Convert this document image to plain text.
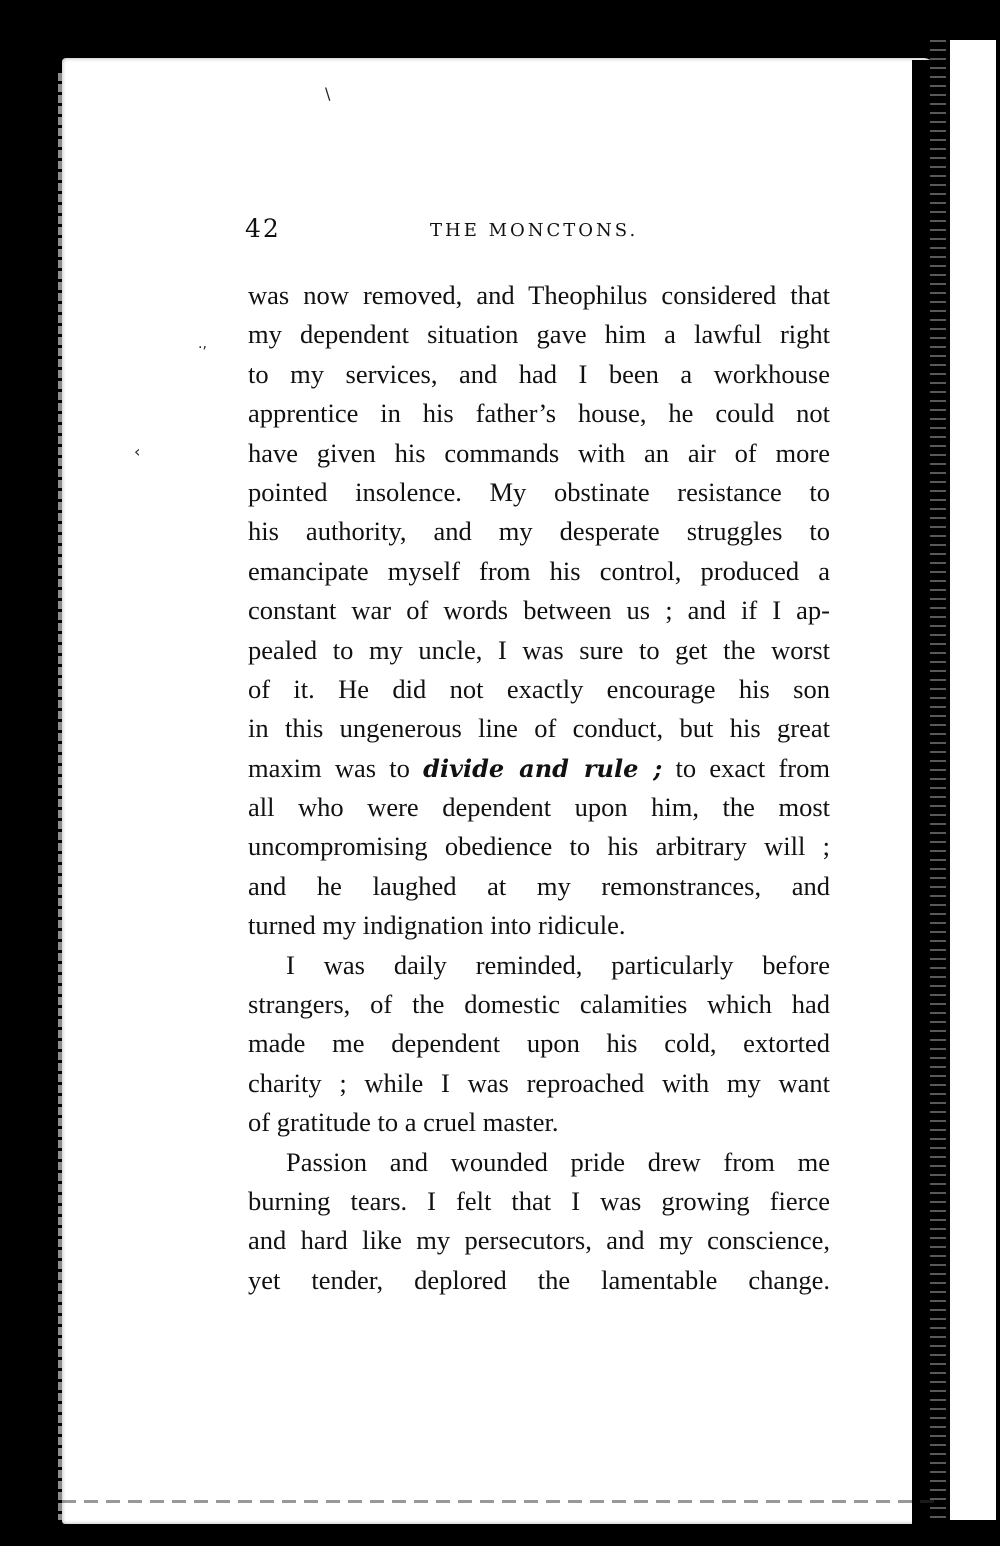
\
.,
‹
42	THE MONCTONS.
was now removed, and Theophilus considered that
my dependent situation gave him a lawful right
to my services, and had I been a workhouse
apprentice in his father’s house, he could not
have given his commands with an air of more
pointed insolence. My obstinate resistance to
his authority, and my desperate struggles to
emancipate myself from his control, produced a
constant war of words between us ; and if I ap-
pealed to my uncle, I was sure to get the worst
of it. He did not exactly encourage his son
in this ungenerous line of conduct, but his great
maxim was to divide and rule ; to exact from
all who were dependent upon him, the most
uncompromising obedience to his arbitrary will ;
and he laughed at my remonstrances, and
turned my indignation into ridicule.
I was daily reminded, particularly before
strangers, of the domestic calamities which had
made me dependent upon his cold, extorted
charity ; while I was reproached with my want
of gratitude to a cruel master.
Passion and wounded pride drew from me
burning tears. I felt that I was growing fierce
and hard like my persecutors, and my conscience,
yet tender, deplored the lamentable change.
